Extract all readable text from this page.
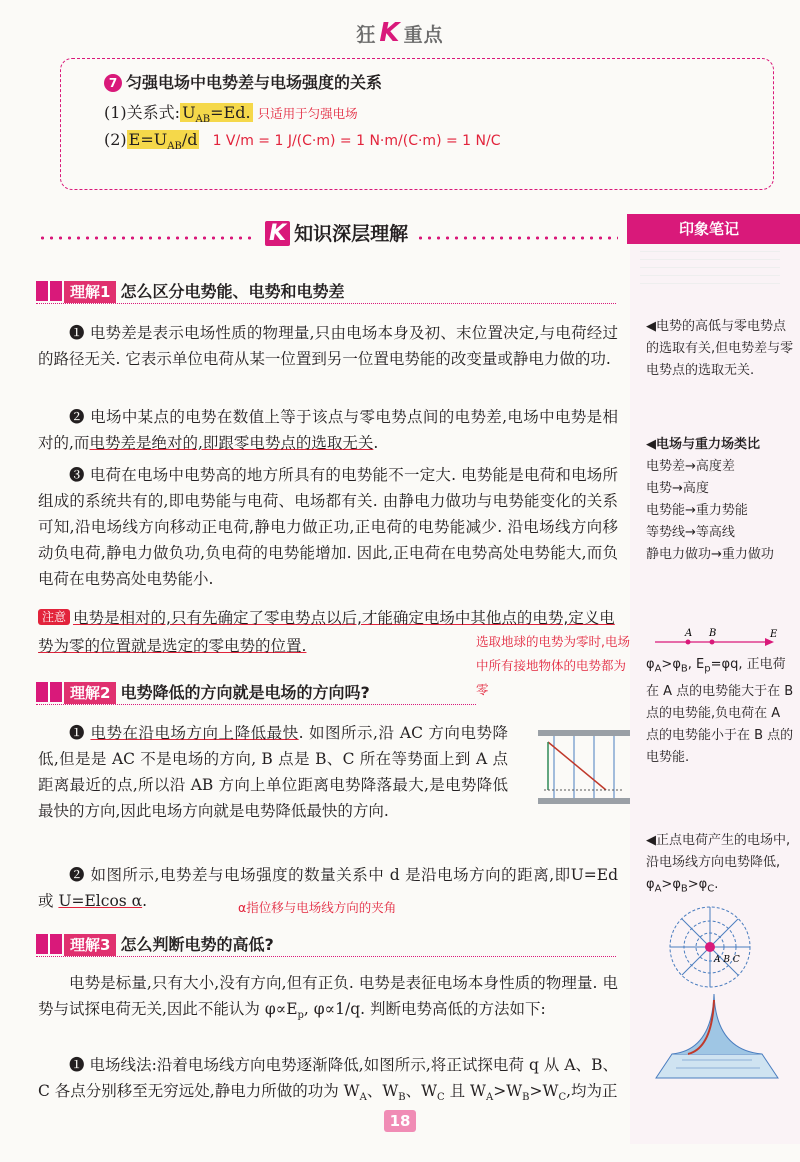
狂 K 重点
7 匀强电场中电势差与电场强度的关系
(1)关系式: $U_{AB}=Ed$. 只适用于匀强电场
(2) $E=U_{AB}/d$ 1 V/m = 1 J/(C·m) = 1 N·m/(C·m) = 1 N/C
K 知识深层理解	印象笔记
理解1 怎么区分电势能、电势和电势差
❶ 电势差是表示电场性质的物理量,只由电场本身及初、末位置决定,与电荷经过的路径无关. 它表示单位电荷从某一位置到另一位置电势能的改变量或静电力做的功.
❷ 电场中某点的电势在数值上等于该点与零电势点间的电势差,电场中电势是相对的,而电势差是绝对的,即跟零电势点的选取无关.
❸ 电荷在电场中电势高的地方所具有的电势能不一定大. 电势能是电荷和电场所组成的系统共有的,即电势能与电荷、电场都有关. 由静电力做功与电势能变化的关系可知,沿电场线方向移动正电荷,静电力做正功,正电荷的电势能减少. 沿电场线方向移动负电荷,静电力做负功,负电荷的电势能增加. 因此,正电荷在电势高处电势能大,而负电荷在电势高处电势能小.
注意 电势是相对的,只有先确定了零电势点以后,才能确定电场中其他点的电势,定义电势为零的位置就是选定的零电势的位置.	选取地球的电势为零时,电场中所有接地物体的电势都为零
理解2 电势降低的方向就是电场的方向吗?
❶ 电势在沿电场方向上降低最快. 如图所示,沿 AC 方向电势降低,但是是 AC 不是电场的方向, B 点是 B、C 所在等势面上到 A 点距离最近的点,所以沿 AB 方向上单位距离电势降落最大,是电势降低最快的方向,因此电场方向就是电势降低最快的方向.
❷ 如图所示,电势差与电场强度的数量关系中 d 是沿电场方向的距离,即U=Ed 或 U=Elcos α.	α指位移与电场线方向的夹角
理解3 怎么判断电势的高低?
电势是标量,只有大小,没有方向,但有正负. 电势是表征电场本身性质的物理量. 电势与试探电荷无关,因此不能认为 $\varphi\propto E_p$, φ∝1/q. 判断电势高低的方法如下:
❶ 电场线法:沿着电场线方向电势逐渐降低,如图所示,将正试探电荷 q 从 A、B、C 各点分别移至无穷远处,静电力所做的功为 $W_A$、$W_B$、$W_C$ 且 $W_A>W_B>W_C$,均为正
◀电势的高低与零电势点的选取有关,但电势差与零电势点的选取无关.
◀电场与重力场类比
电势差→高度差
电势→高度
电势能→重力势能
等势线→等高线
静电力做功→重力做功
A B	E
$\varphi_A>\varphi_B$, $E_p=\varphi q$, 正电荷在 A 点的电势能大于在 B 点的电势能,负电荷在 A 点的电势能小于在 B 点的电势能.
◀正点电荷产生的电场中,沿电场线方向电势降低, $\varphi_A>\varphi_B>\varphi_C$.
A B C
18
